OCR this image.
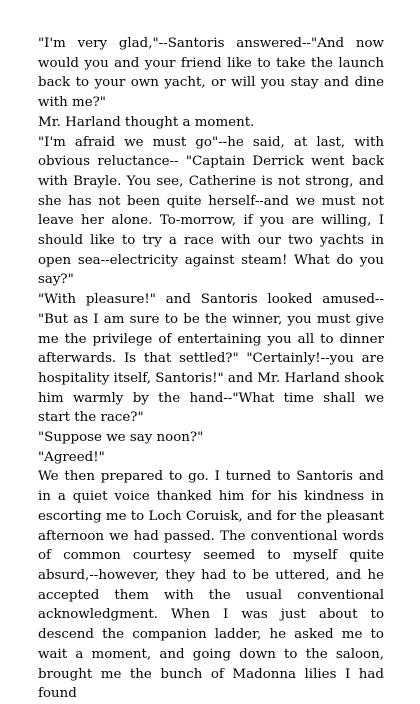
"I'm very glad,"--Santoris answered--"And now would you and your friend like to take the launch back to your own yacht, or will you stay and dine with me?"

Mr. Harland thought a moment.

"I'm afraid we must go"--he said, at last, with obvious reluctance-- "Captain Derrick went back with Brayle. You see, Catherine is not strong, and she has not been quite herself--and we must not leave her alone. To-morrow, if you are willing, I should like to try a race with our two yachts in open sea--electricity against steam! What do you say?"

"With pleasure!" and Santoris looked amused--"But as I am sure to be the winner, you must give me the privilege of entertaining you all to dinner afterwards. Is that settled?" "Certainly!--you are hospitality itself, Santoris!" and Mr. Harland shook him warmly by the hand--"What time shall we start the race?"

"Suppose we say noon?"

"Agreed!"

We then prepared to go. I turned to Santoris and in a quiet voice thanked him for his kindness in escorting me to Loch Coruisk, and for the pleasant afternoon we had passed. The conventional words of common courtesy seemed to myself quite absurd,--however, they had to be uttered, and he accepted them with the usual conventional acknowledgment. When I was just about to descend the companion ladder, he asked me to wait a moment, and going down to the saloon, brought me the bunch of Madonna lilies I had found
